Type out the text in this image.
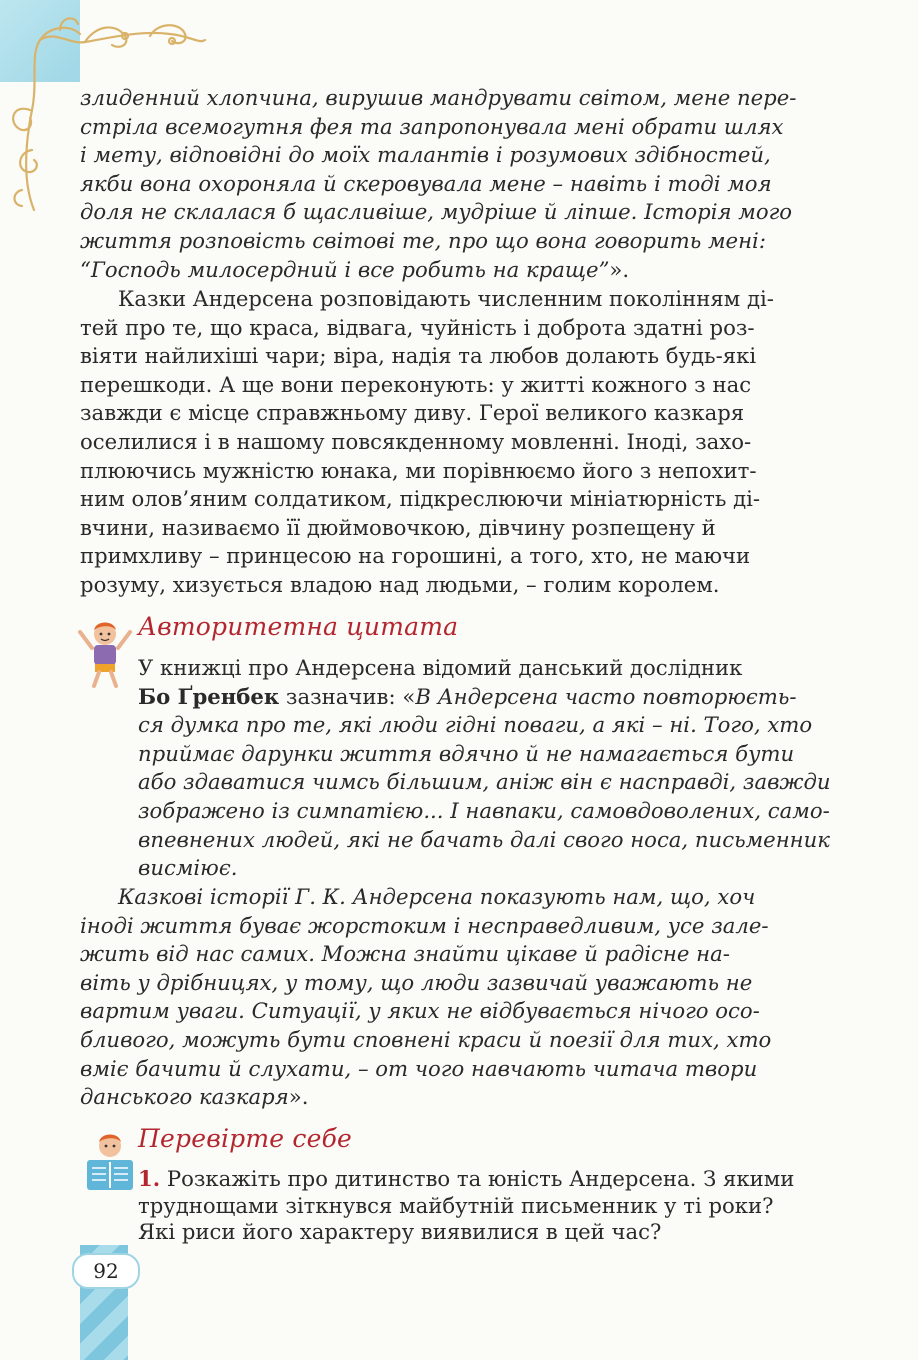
злиденний хлопчина, вирушив мандрувати світом, мене пере-
стріла всемогутня фея та запропонувала мені обрати шлях
і мету, відповідні до моїх талантів і розумових здібностей,
якби вона охороняла й скеровувала мене – навіть і тоді моя
доля не склалася б щасливіше, мудріше й ліпше. Історія мого
життя розповість світові те, про що вона говорить мені:
“Господь милосердний і все робить на краще”».

Казки Андерсена розповідають численним поколінням ді-
тей про те, що краса, відвага, чуйність і доброта здатні роз-
віяти найлихіші чари; віра, надія та любов долають будь-які
перешкоди. А ще вони переконують: у житті кожного з нас
завжди є місце справжньому диву. Герої великого казкаря
оселилися і в нашому повсякденному мовленні. Іноді, захо-
плюючись мужністю юнака, ми порівнюємо його з непохит-
ним олов’яним солдатиком, підкреслюючи мініатюрність ді-
вчини, називаємо її дюймовочкою, дівчину розпещену й
примхливу – принцесою на горошині, а того, хто, не маючи
розуму, хизується владою над людьми, – голим королем.

Авторитетна цитата

У книжці про Андерсена відомий данський дослідник
Бо Ґренбек зазначив: «В Андерсена часто повторюєть-
ся думка про те, які люди гідні поваги, а які – ні. Того, хто
приймає дарунки життя вдячно й не намагається бути
або здаватися чимсь більшим, аніж він є насправді, завжди
зображено із симпатією... І навпаки, самовдоволених, само-
впевнених людей, які не бачать далі свого носа, письменник
висміює.

Казкові історії Г. К. Андерсена показують нам, що, хоч
іноді життя буває жорстоким і несправедливим, усе зале-
жить від нас самих. Можна знайти цікаве й радісне на-
віть у дрібницях, у тому, що люди зазвичай уважають не
вартим уваги. Ситуації, у яких не відбувається нічого осо-
бливого, можуть бути сповнені краси й поезії для тих, хто
вміє бачити й слухати, – от чого навчають читача твори
данського казкаря».

Перевірте себе

1. Розкажіть про дитинство та юність Андерсена. З якими
труднощами зіткнувся майбутній письменник у ті роки?
Які риси його характеру виявилися в цей час?

92
